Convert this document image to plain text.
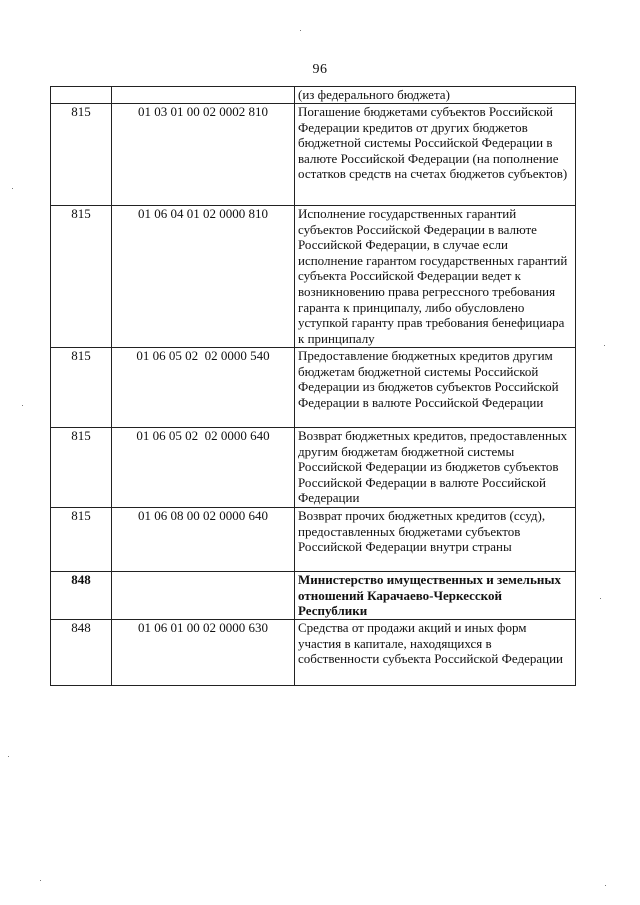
96
		(из федерального бюджета)
815	01 03 01 00 02 0002 810	Погашение бюджетами субъектов Российской Федерации кредитов от других бюджетов бюджетной системы Российской Федерации в валюте Российской Федерации (на пополнение остатков средств на счетах бюджетов субъектов)
815	01 06 04 01 02 0000 810	Исполнение государственных гарантий субъектов Российской Федерации в валюте Российской Федерации, в случае если исполнение гарантом государственных гарантий субъекта Российской Федерации ведет к возникновению права регрессного требования гаранта к принципалу, либо обусловлено уступкой гаранту прав требования бенефициара к принципалу
815	01 06 05 02  02 0000 540	Предоставление бюджетных кредитов другим бюджетам бюджетной системы Российской Федерации из бюджетов субъектов Российской Федерации в валюте Российской Федерации
815	01 06 05 02  02 0000 640	Возврат бюджетных кредитов, предоставленных другим бюджетам бюджетной системы Российской Федерации из бюджетов субъектов Российской Федерации в валюте Российской Федерации
815	01 06 08 00 02 0000 640	Возврат прочих бюджетных кредитов (ссуд), предоставленных бюджетами субъектов Российской Федерации внутри страны
848		Министерство имущественных и земельных отношений Карачаево-Черкесской Республики
848	01 06 01 00 02 0000 630	Средства от продажи акций и иных форм участия в капитале, находящихся в собственности субъекта Российской Федерации
